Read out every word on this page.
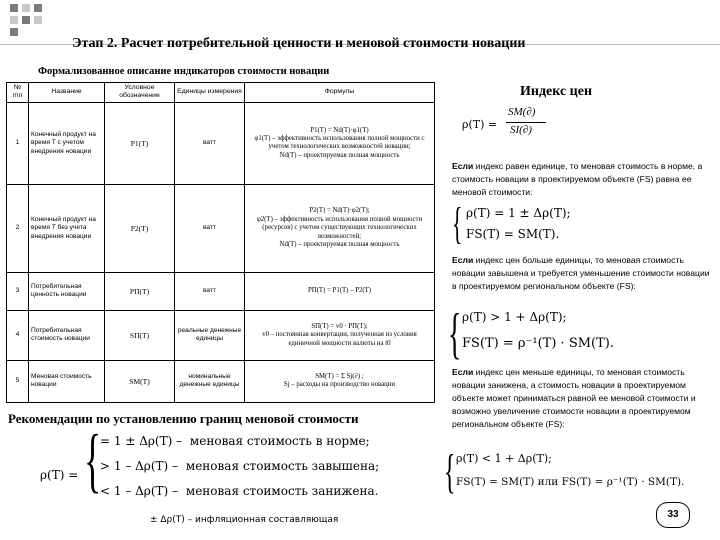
Этап 2. Расчет потребительной ценности и меновой стоимости новации
Формализованное описание индикаторов стоимости новации
№ п\п	Название	Условное обозначение	Единицы измерения	Формулы
1	Конечный продукт на время T с учетом внедрения новации	P1(T)	ватт	P1(T) = Nd(T)·φ1(T)
φ1(T) – эффективность использования полной мощности с учетом технологических возможностей новации;
Nd(T) – проектируемая полная мощность

2	Конечный продукт на время T без учета внедрения новации	P2(T)	ватт	P2(T) = Nd(T)·φ2(T);
φ2(T) – эффективность использования полной мощности (ресурсов) с учетом существующих технологических возможностей;
Nd(T) – проектируемая полная мощность

3	Потребительная ценность новации	PП(T)	ватт	PП(T) = P1(T) – P2(T)

4	Потребительная стоимость новации	SП(T)	реальные денежные единицы	SП(T) = v0 · PП(T);
v0 – постоянная конвертации, полученная из условия единичной мощности валюты на t0

5	Меновая стоимость новации	SM(T)	номинальные денежные единицы	SM(T) = Σ Sj(∂) ;
Sj – расходы на производство новации
Рекомендации по установлению границ меновой стоимости
ρ(T) = {
= 1 ± Δρ(T) – меновая стоимость в норме;
> 1 – Δρ(T) – меновая стоимость завышена;
< 1 – Δρ(T) – меновая стоимость занижена.
± Δρ(T) – инфляционная составляющая
Индекс цен
ρ(T) =
SM(∂)
SI(∂)
Если индекс равен единице, то меновая стоимость в норме, а стоимость новации в проектируемом объекте (FS) равна ее меновой стоимости:
{ ρ(T) = 1 ± Δρ(T);
FS(T) = SM(T).
Если индекс цен больше единицы, то меновая стоимость новации завышена и требуется уменьшение стоимости новации в проектируемом региональном объекте (FS):
{ ρ(T) > 1 + Δρ(T);
FS(T) = ρ⁻¹(T) · SM(T).
Если индекс цен меньше единицы, то меновая стоимость новации занижена, а стоимость новации в проектируемом объекте может приниматься равной ее меновой стоимости и возможно увеличение стоимости новации в проектируемом региональном объекте (FS):
{ ρ(T) < 1 + Δρ(T);
FS(T) = SM(T) или FS(T) = ρ⁻¹(T) · SM(T).
33
